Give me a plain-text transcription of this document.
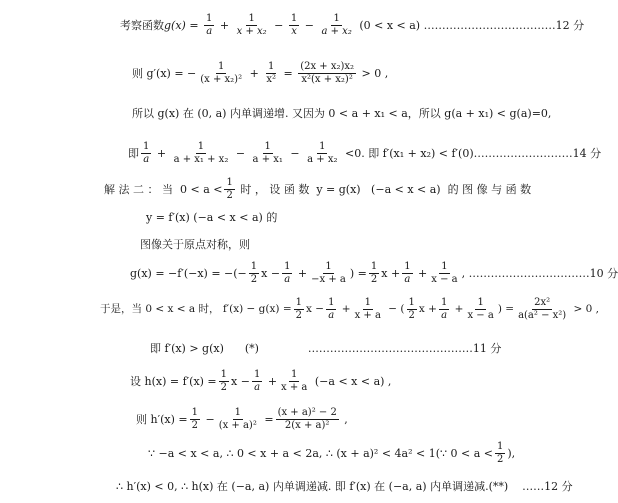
考察函数 $g(x) = \frac{1}{a} + \frac{1}{\text{x + x₂}} - \frac{1}{x} - \frac{1}{\text{a + x₂}} (0 < x < a)$ ………………………………12 分
则 g′(x) = − $\frac{1}{\text{(x + x₂)²}} + \frac{1}{\text{x²}} = \frac{\text{(2x + x₂)x₂}}{\text{x²(x + x₂)²}} > 0$ ,
所以 g(x) 在 (0, a) 内单调递增. 又因为 0 < a + x₁ < a，所以 g(a + x₁) < g(a)=0,
即 $\frac{1}{a} + \frac{1}{\text{a + x₁ + x₂}} - \frac{1}{\text{a + x₁}} - \frac{1}{\text{a + x₂}} <0$. 即 f′(x₁ + x₂) < f′(0)………………………14 分
解 法 二 ： 当  $0 < a < \frac{1}{2}$ 时 ， 设 函 数  y = g(x)   (−a < x < a)  的 图 像 与 函 数
y = f′(x) (−a < x < a) 的
图像关于原点对称，则
g(x) = −f′(−x) = −(− $\frac{1}{2}$ $x - \frac{1}{a} + \frac{1}{-x + a}$ ) = $\frac{1}{2}$ $x + \frac{1}{a} + \frac{1}{x - a}$ , ……………………………10 分
于是，当 0 < x < a 时， $f'(x) - g(x) = \frac{1}{2}$ $x - \frac{1}{a} + \frac{1}{x + a}$ − ( $\frac{1}{2}$ $x + \frac{1}{a} + \frac{1}{x - a}$ ) = $\frac{\text{2x²}}{\text{a(a² − x²)}} > 0$ ,
即 f′(x) > g(x)      (*)              ………………………………………11 分
设 $h(x) = f'(x) = \frac{1}{2}$ $x - \frac{1}{a} + \frac{1}{x + a} (-a < x < a)$ ,
则 $h'(x) = \frac{1}{2} - \frac{1}{\text{(x + a)²}} = \frac{\text{(x + a)² − 2}}{\text{2(x + a)²}}$ ,
∵ −a < x < a, ∴ 0 < x + a < 2a, ∴ (x + a)² < 4a² < 1(∵ $0 < a < \frac{1}{2}$ ),
∴ h′(x) < 0, ∴ h(x) 在 (−a, a) 内单调递减. 即 f′(x) 在 (−a, a) 内单调递减.(**)    ……12 分
